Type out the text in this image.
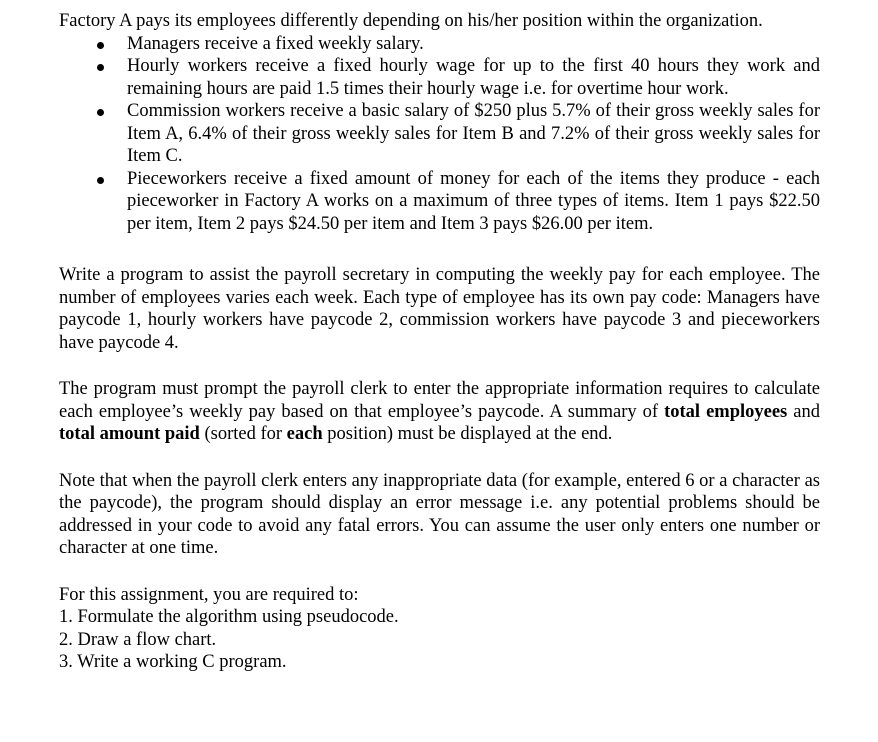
Factory A pays its employees differently depending on his/her position within the organization.

Managers receive a fixed weekly salary.
Hourly workers receive a fixed hourly wage for up to the first 40 hours they work and remaining hours are paid 1.5 times their hourly wage i.e. for overtime hour work.
Commission workers receive a basic salary of $250 plus 5.7% of their gross weekly sales for Item A, 6.4% of their gross weekly sales for Item B and 7.2% of their gross weekly sales for Item C.
Pieceworkers receive a fixed amount of money for each of the items they produce - each pieceworker in Factory A works on a maximum of three types of items. Item 1 pays $22.50 per item, Item 2 pays $24.50 per item and Item 3 pays $26.00 per item.

Write a program to assist the payroll secretary in computing the weekly pay for each employee. The number of employees varies each week. Each type of employee has its own pay code: Managers have paycode 1, hourly workers have paycode 2, commission workers have paycode 3 and pieceworkers have paycode 4.

The program must prompt the payroll clerk to enter the appropriate information requires to calculate each employee’s weekly pay based on that employee’s paycode. A summary of total employees and total amount paid (sorted for each position) must be displayed at the end.

Note that when the payroll clerk enters any inappropriate data (for example, entered 6 or a character as the paycode), the program should display an error message i.e. any potential problems should be addressed in your code to avoid any fatal errors. You can assume the user only enters one number or character at one time.

For this assignment, you are required to:

1. Formulate the algorithm using pseudocode.
2. Draw a flow chart.
3. Write a working C program.
